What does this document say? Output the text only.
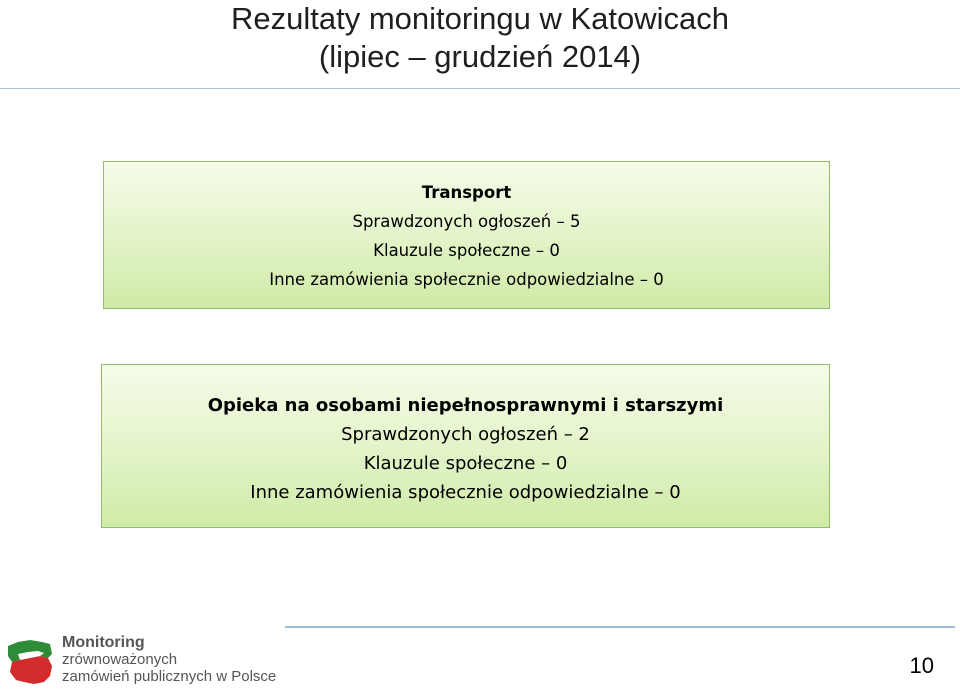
Rezultaty monitoringu w Katowicach
(lipiec – grudzień 2014)
Transport
Sprawdzonych ogłoszeń – 5
Klauzule społeczne – 0
Inne zamówienia społecznie odpowiedzialne – 0
Opieka na osobami niepełnosprawnymi i starszymi
Sprawdzonych ogłoszeń – 2
Klauzule społeczne – 0
Inne zamówienia społecznie odpowiedzialne – 0
Monitoring
zrównoważonych
zamówień publicznych w Polsce	10
